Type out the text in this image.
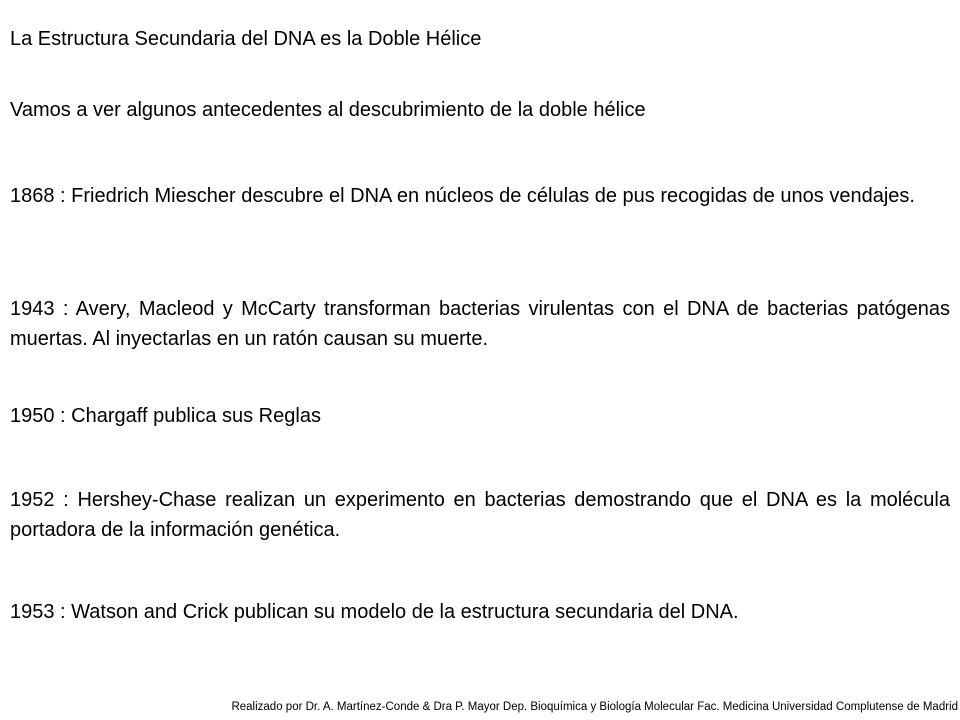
La Estructura Secundaria del DNA es la Doble Hélice
Vamos a ver algunos antecedentes al descubrimiento de la doble hélice
1868 : Friedrich Miescher descubre el DNA en núcleos de células de pus recogidas de unos vendajes.
1943 : Avery, Macleod y McCarty transforman bacterias virulentas con el DNA de bacterias patógenas muertas. Al inyectarlas en un ratón causan su muerte.
1950 : Chargaff publica sus Reglas
1952 : Hershey-Chase realizan un experimento en bacterias demostrando que el DNA es la molécula portadora de la información genética.
1953 : Watson and Crick publican su modelo de la estructura secundaria del DNA.
Realizado por Dr. A. Martínez-Conde & Dra P. Mayor Dep. Bioquímica y Biología Molecular Fac. Medicina Universidad Complutense de Madrid
